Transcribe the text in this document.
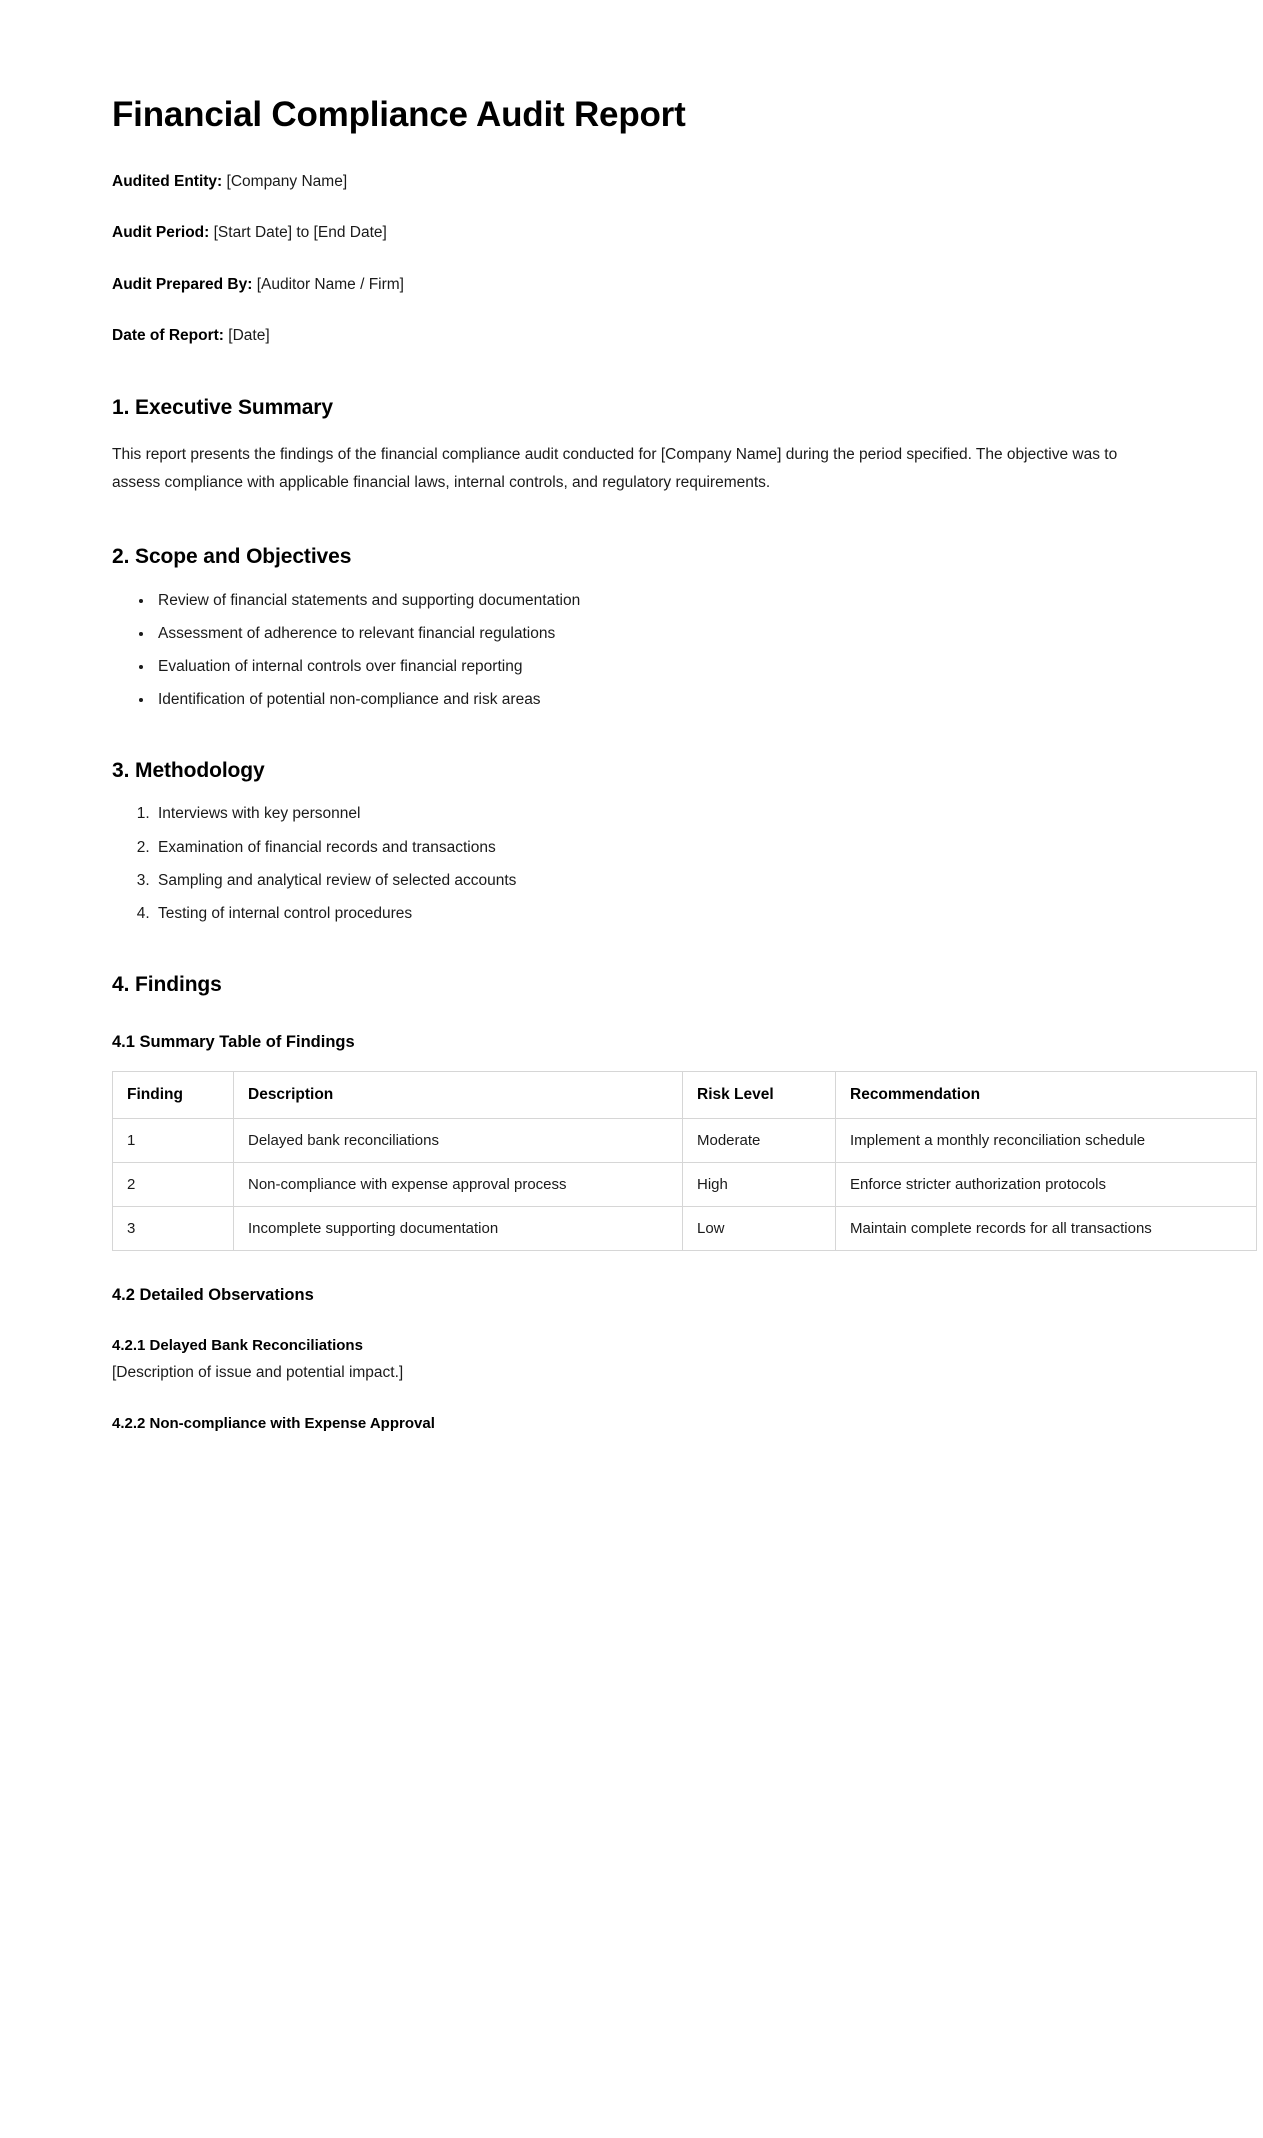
Financial Compliance Audit Report

Audited Entity: [Company Name]

Audit Period: [Start Date] to [End Date]

Audit Prepared By: [Auditor Name / Firm]

Date of Report: [Date]

1. Executive Summary

This report presents the findings of the financial compliance audit conducted for [Company Name] during the period specified. The objective was to assess compliance with applicable financial laws, internal controls, and regulatory requirements.

2. Scope and Objectives
• Review of financial statements and supporting documentation
• Assessment of adherence to relevant financial regulations
• Evaluation of internal controls over financial reporting
• Identification of potential non-compliance and risk areas
3. Methodology
1. Interviews with key personnel
2. Examination of financial records and transactions
3. Sampling and analytical review of selected accounts
4. Testing of internal control procedures
4. Findings
4.1 Summary Table of Findings
Finding	Description	Risk Level	Recommendation
1	Delayed bank reconciliations	Moderate	Implement a monthly reconciliation schedule
2	Non-compliance with expense approval process	High	Enforce stricter authorization protocols
3	Incomplete supporting documentation	Low	Maintain complete records for all transactions
4.2 Detailed Observations
4.2.1 Delayed Bank Reconciliations

[Description of issue and potential impact.]

4.2.2 Non-compliance with Expense Approval
